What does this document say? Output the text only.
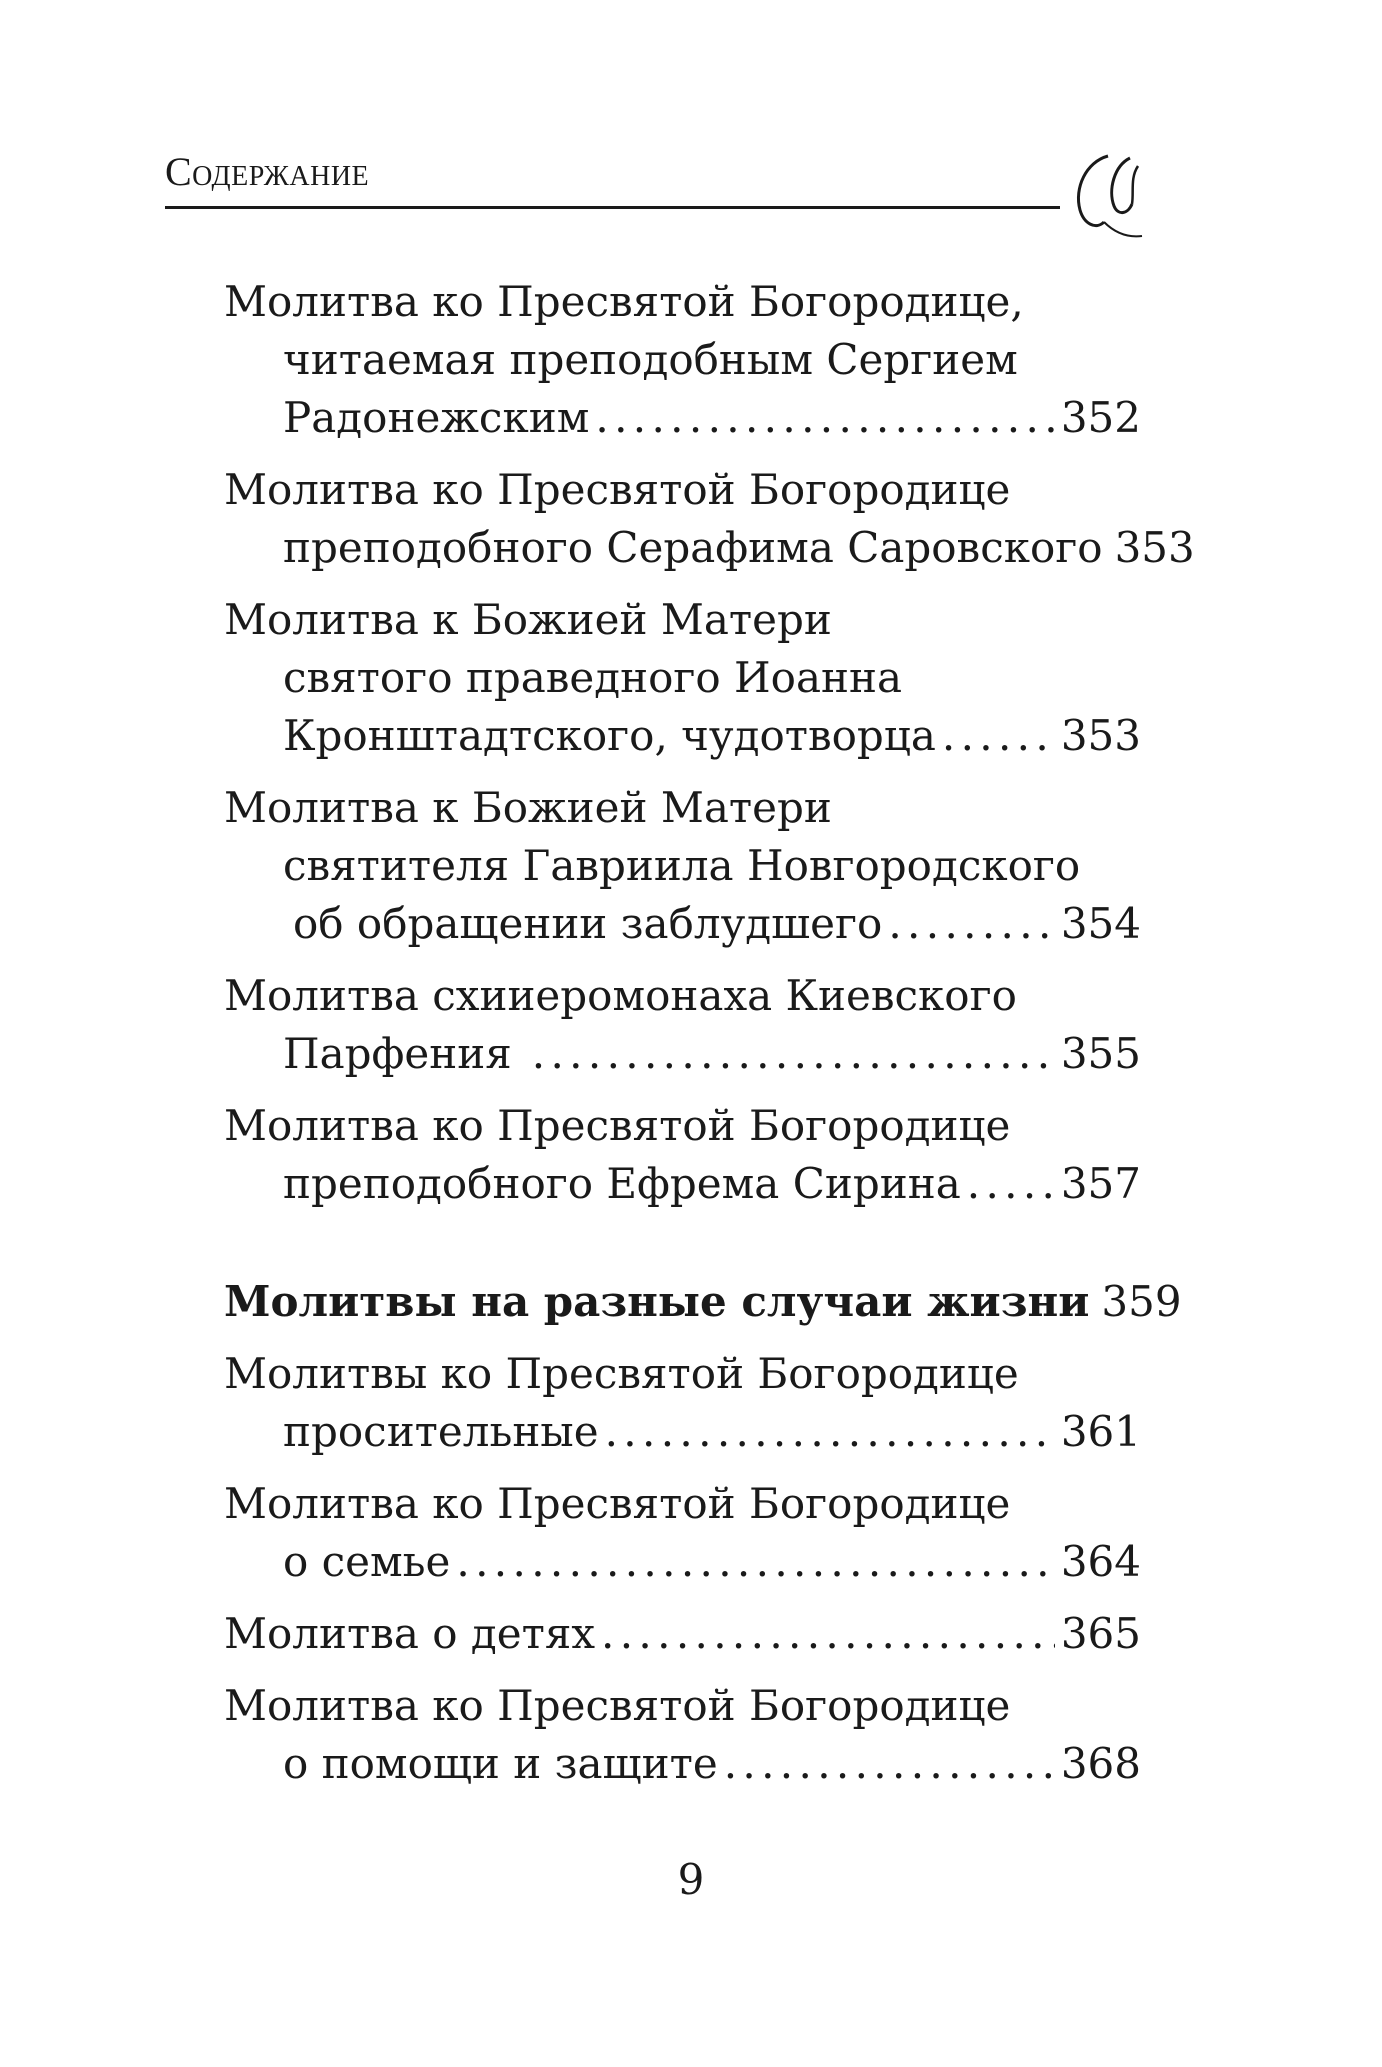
Содержание
Молитва ко Пресвятой Богородице,
читаемая преподобным Сергием
Радонежским . . .	352
Молитва ко Пресвятой Богородице
преподобного Серафима Саровского 353
Молитва к Божией Матери
святого праведного Иоанна
Кронштадтского, чудотворца . . .	353
Молитва к Божией Матери
святителя Гавриила Новгородского
об обращении заблудшего . . .	354
Молитва схииеромонаха Киевского
Парфения . . .	355
Молитва ко Пресвятой Богородице
преподобного Ефрема Сирина . . . 357
Молитвы на разные случаи жизни 359
Молитвы ко Пресвятой Богородице
просительные . . .	361
Молитва ко Пресвятой Богородице
о семье . . .	364
Молитва о детях . . .	365
Молитва ко Пресвятой Богородице
о помощи и защите . . .	368
9
